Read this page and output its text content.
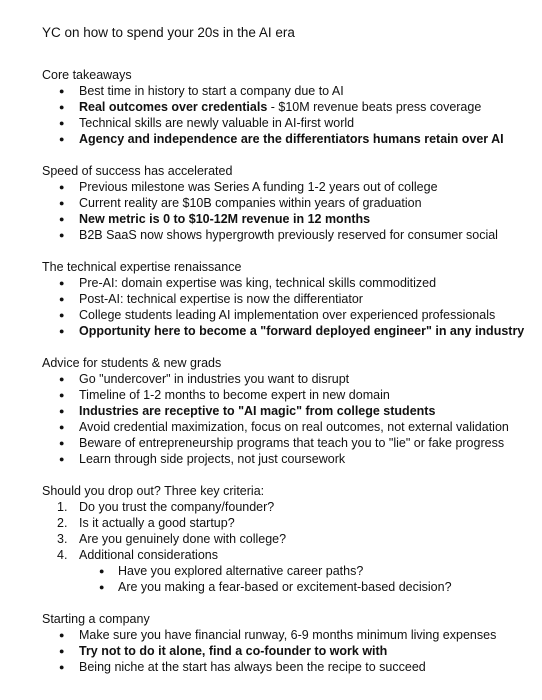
YC on how to spend your 20s in the AI era
Core takeaways
● Best time in history to start a company due to AI
● Real outcomes over credentials - $10M revenue beats press coverage
● Technical skills are newly valuable in AI-first world
● Agency and independence are the differentiators humans retain over AI
Speed of success has accelerated
● Previous milestone was Series A funding 1-2 years out of college
● Current reality are $10B companies within years of graduation
● New metric is 0 to $10-12M revenue in 12 months
● B2B SaaS now shows hypergrowth previously reserved for consumer social
The technical expertise renaissance
● Pre-AI: domain expertise was king, technical skills commoditized
● Post-AI: technical expertise is now the differentiator
● College students leading AI implementation over experienced professionals
● Opportunity here to become a "forward deployed engineer" in any industry
Advice for students & new grads
● Go "undercover" in industries you want to disrupt
● Timeline of 1-2 months to become expert in new domain
● Industries are receptive to "AI magic" from college students
● Avoid credential maximization, focus on real outcomes, not external validation
● Beware of entrepreneurship programs that teach you to "lie" or fake progress
● Learn through side projects, not just coursework
Should you drop out? Three key criteria:
1. Do you trust the company/founder?
2. Is it actually a good startup?
3. Are you genuinely done with college?
4. Additional considerations
● Have you explored alternative career paths?
● Are you making a fear-based or excitement-based decision?
Starting a company
● Make sure you have financial runway, 6-9 months minimum living expenses
● Try not to do it alone, find a co-founder to work with
● Being niche at the start has always been the recipe to succeed
